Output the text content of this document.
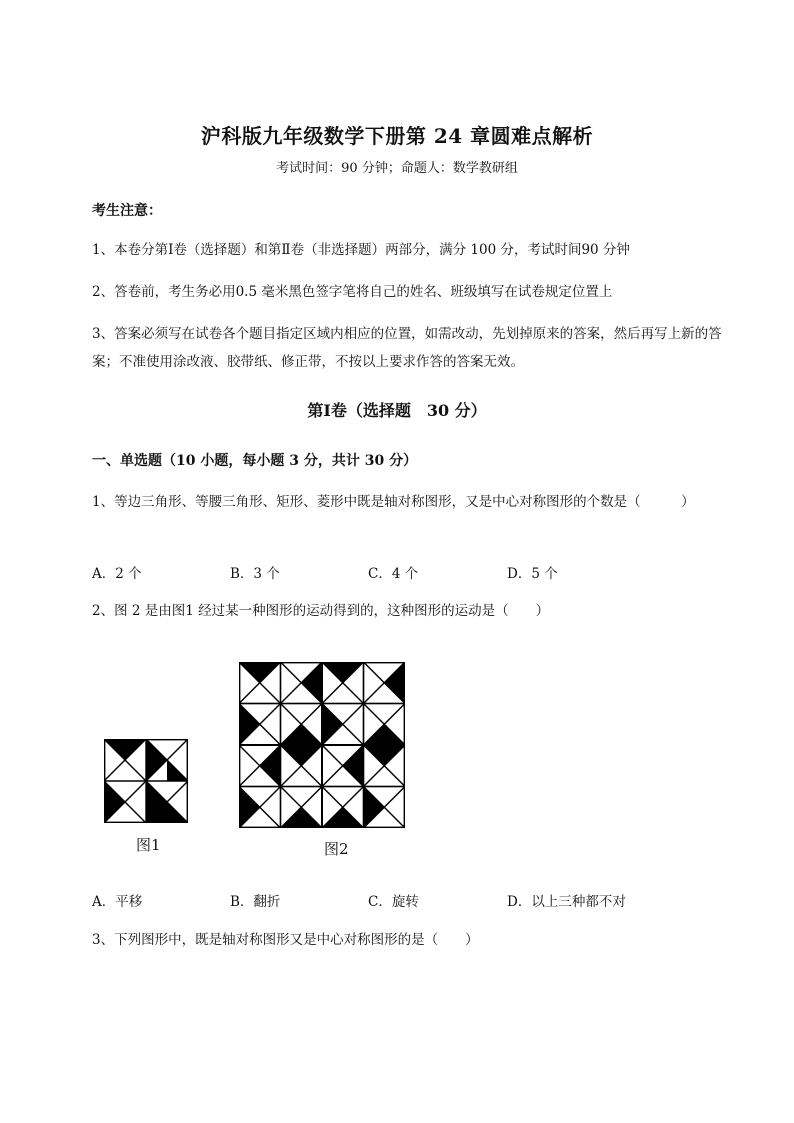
沪科版九年级数学下册第 24 章圆难点解析
考试时间：90 分钟；命题人：数学教研组
考生注意：
1、本卷分第Ⅰ卷（选择题）和第Ⅱ卷（非选择题）两部分，满分 100 分，考试时间90 分钟
2、答卷前，考生务必用0.5 毫米黑色签字笔将自己的姓名、班级填写在试卷规定位置上
3、答案必须写在试卷各个题目指定区域内相应的位置，如需改动，先划掉原来的答案，然后再写上新的答案；不准使用涂改液、胶带纸、修正带，不按以上要求作答的答案无效。
第Ⅰ卷（选择题　30 分）
一、单选题（10 小题，每小题 3 分，共计 30 分）
1、等边三角形、等腰三角形、矩形、菱形中既是轴对称图形，又是中心对称图形的个数是（　　　）
A．2 个	B．3 个	C．4 个	D．5 个
2、图 2 是由图1 经过某一种图形的运动得到的，这种图形的运动是（　　）
图1	图2
A．平移	B．翻折	C．旋转	D．以上三种都不对
3、下列图形中，既是轴对称图形又是中心对称图形的是（　　）
